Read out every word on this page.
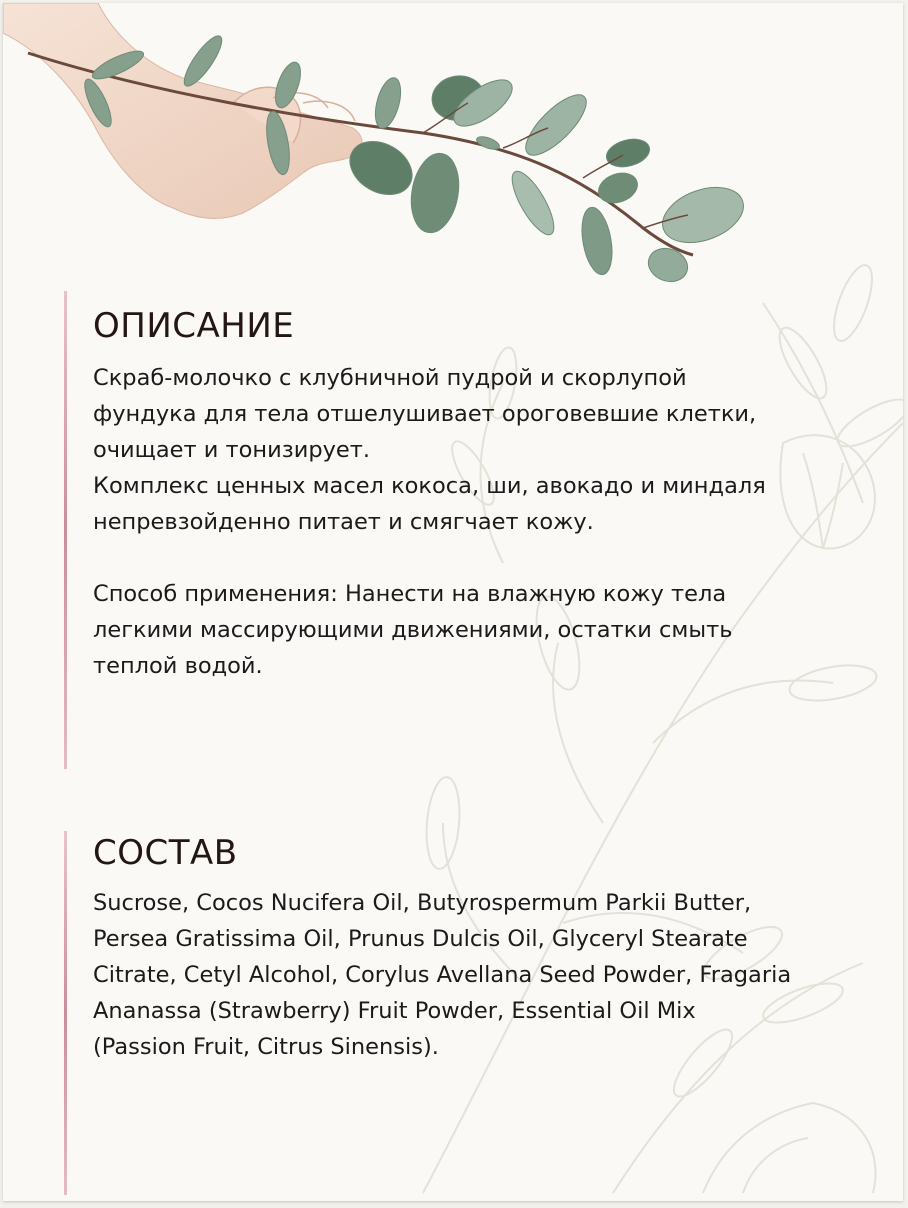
ОПИСАНИЕ

Скраб-молочко с клубничной пудрой и скорлупой
фундука для тела отшелушивает ороговевшие клетки,
очищает и тонизирует.
Комплекс ценных масел кокоса, ши, авокадо и миндаля
непревзойденно питает и смягчает кожу.

Способ применения: Нанести на влажную кожу тела
легкими массирующими движениями, остатки смыть
теплой водой.

СОСТАВ

Sucrose, Cocos Nucifera Oil, Butyrospermum Parkii Butter,
Persea Gratissima Oil, Prunus Dulcis Oil, Glyceryl Stearate
Citrate, Cetyl Alcohol, Corylus Avellana Seed Powder, Fragaria
Ananassa (Strawberry) Fruit Powder, Essential Oil Mix
(Passion Fruit, Citrus Sinensis).
